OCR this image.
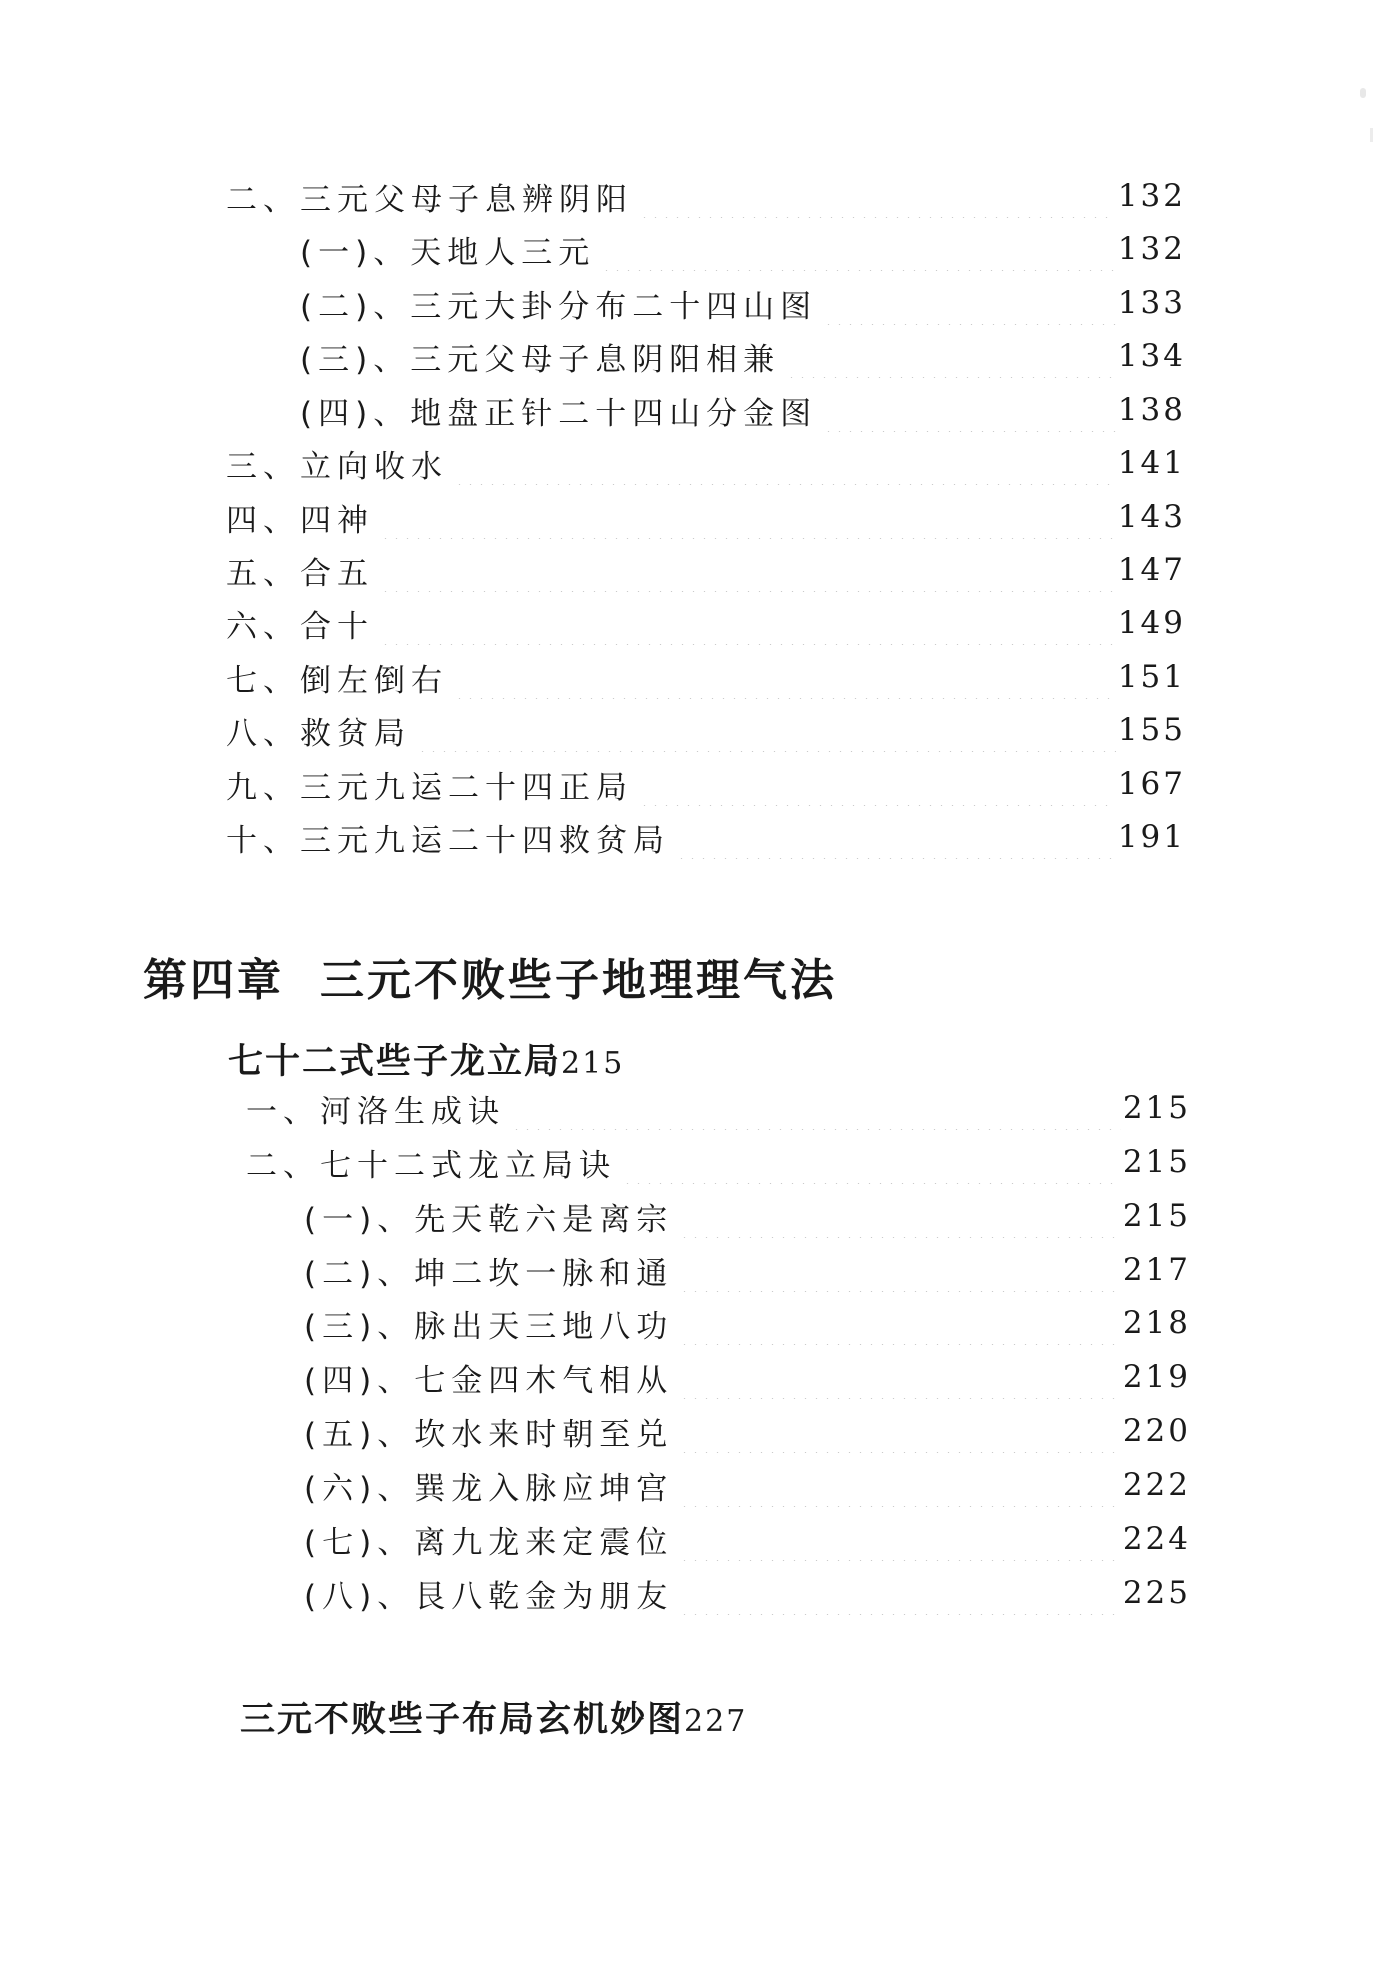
二、三元父母子息辨阴阳	132
(一)、天地人三元	132
(二)、三元大卦分布二十四山图	133
(三)、三元父母子息阴阳相兼	134
(四)、地盘正针二十四山分金图	138
三、立向收水	141
四、四神	143
五、合五	147
六、合十	149
七、倒左倒右	151
八、救贫局	155
九、三元九运二十四正局	167
十、三元九运二十四救贫局	191
第四章 三元不败些子地理理气法
七十二式些子龙立局215
一、河洛生成诀	215
二、七十二式龙立局诀	215
(一)、先天乾六是离宗	215
(二)、坤二坎一脉和通	217
(三)、脉出天三地八功	218
(四)、七金四木气相从	219
(五)、坎水来时朝至兑	220
(六)、巽龙入脉应坤宫	222
(七)、离九龙来定震位	224
(八)、艮八乾金为朋友	225
三元不败些子布局玄机妙图227
